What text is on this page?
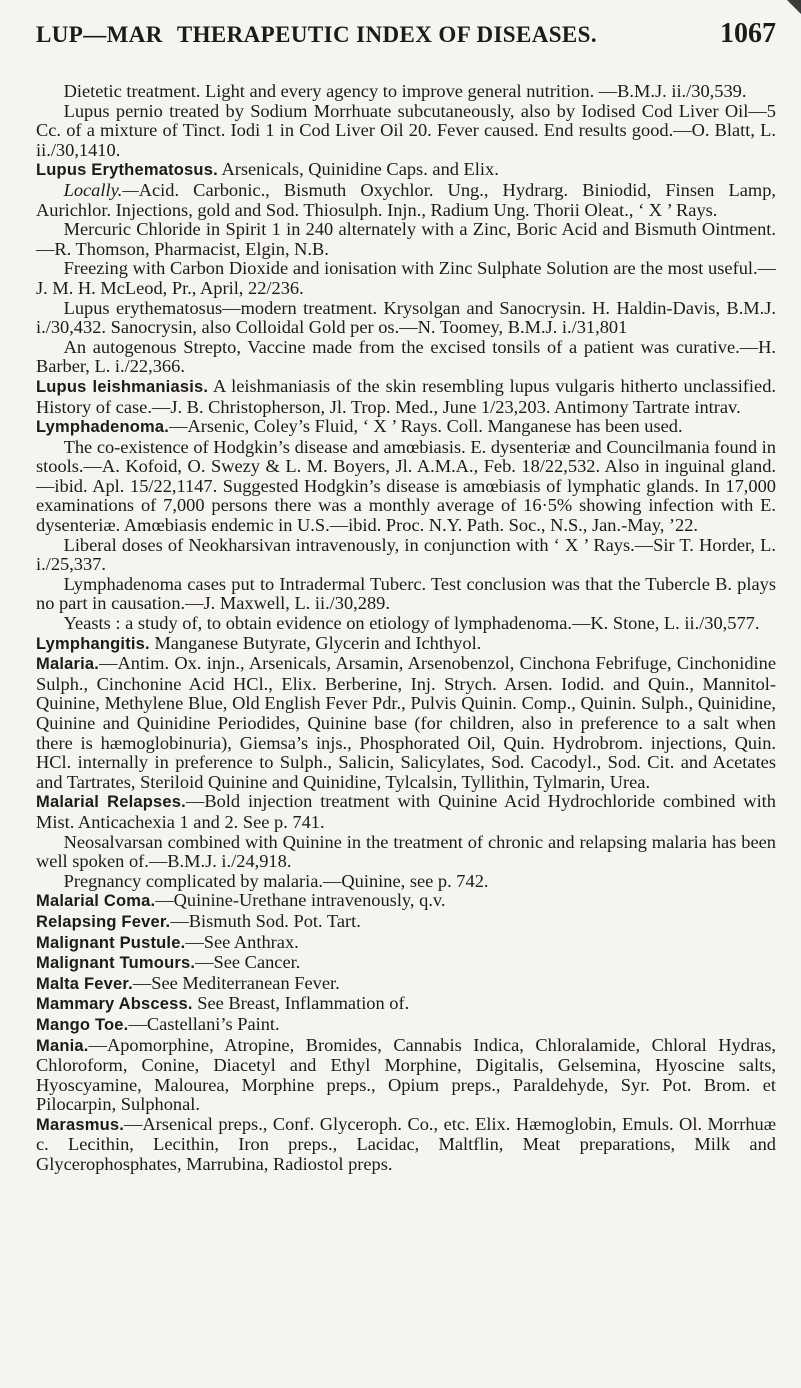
LUP—MAR THERAPEUTIC INDEX OF DISEASES.	1067

Dietetic treatment. Light and every agency to improve general nutrition. —B.M.J. ii./30,539.

Lupus pernio treated by Sodium Morrhuate subcutaneously, also by Iodised Cod Liver Oil—5 Cc. of a mixture of Tinct. Iodi 1 in Cod Liver Oil 20. Fever caused. End results good.—O. Blatt, L. ii./30,1410.

Lupus Erythematosus. Arsenicals, Quinidine Caps. and Elix.

Locally.—Acid. Carbonic., Bismuth Oxychlor. Ung., Hydrarg. Biniodid, Finsen Lamp, Aurichlor. Injections, gold and Sod. Thiosulph. Injn., Radium Ung. Thorii Oleat., ‘ X ’ Rays.

Mercuric Chloride in Spirit 1 in 240 alternately with a Zinc, Boric Acid and Bismuth Ointment.—R. Thomson, Pharmacist, Elgin, N.B.

Freezing with Carbon Dioxide and ionisation with Zinc Sulphate Solution are the most useful.—J. M. H. McLeod, Pr., April, 22/236.

Lupus erythematosus—modern treatment. Krysolgan and Sanocrysin. H. Haldin-Davis, B.M.J. i./30,432. Sanocrysin, also Colloidal Gold per os.—N. Toomey, B.M.J. i./31,801

An autogenous Strepto, Vaccine made from the excised tonsils of a patient was curative.—H. Barber, L. i./22,366.

Lupus leishmaniasis. A leishmaniasis of the skin resembling lupus vulgaris hitherto unclassified. History of case.—J. B. Christopherson, Jl. Trop. Med., June 1/23,203. Antimony Tartrate intrav.

Lymphadenoma.—Arsenic, Coley’s Fluid, ‘ X ’ Rays. Coll. Manganese has been used.

The co-existence of Hodgkin’s disease and amœbiasis. E. dysenteriæ and Councilmania found in stools.—A. Kofoid, O. Swezy & L. M. Boyers, Jl. A.M.A., Feb. 18/22,532. Also in inguinal gland.—ibid. Apl. 15/22,1147. Suggested Hodgkin’s disease is amœbiasis of lymphatic glands. In 17,000 examinations of 7,000 persons there was a monthly average of 16·5% showing infection with E. dysenteriæ. Amœbiasis endemic in U.S.—ibid. Proc. N.Y. Path. Soc., N.S., Jan.-May, ’22.

Liberal doses of Neokharsivan intravenously, in conjunction with ‘ X ’ Rays.—Sir T. Horder, L. i./25,337.

Lymphadenoma cases put to Intradermal Tuberc. Test conclusion was that the Tubercle B. plays no part in causation.—J. Maxwell, L. ii./30,289.

Yeasts : a study of, to obtain evidence on etiology of lymphadenoma.—K. Stone, L. ii./30,577.

Lymphangitis. Manganese Butyrate, Glycerin and Ichthyol.

Malaria.—Antim. Ox. injn., Arsenicals, Arsamin, Arsenobenzol, Cinchona Febrifuge, Cinchonidine Sulph., Cinchonine Acid HCl., Elix. Berberine, Inj. Strych. Arsen. Iodid. and Quin., Mannitol-Quinine, Methylene Blue, Old English Fever Pdr., Pulvis Quinin. Comp., Quinin. Sulph., Quinidine, Quinine and Quinidine Periodides, Quinine base (for children, also in preference to a salt when there is hæmoglobinuria), Giemsa’s injs., Phosphorated Oil, Quin. Hydrobrom. injections, Quin. HCl. internally in preference to Sulph., Salicin, Salicylates, Sod. Cacodyl., Sod. Cit. and Acetates and Tartrates, Steriloid Quinine and Quinidine, Tylcalsin, Tyllithin, Tylmarin, Urea.

Malarial Relapses.—Bold injection treatment with Quinine Acid Hydrochloride combined with Mist. Anticachexia 1 and 2. See p. 741.

Neosalvarsan combined with Quinine in the treatment of chronic and relapsing malaria has been well spoken of.—B.M.J. i./24,918.

Pregnancy complicated by malaria.—Quinine, see p. 742.

Malarial Coma.—Quinine-Urethane intravenously, q.v.

Relapsing Fever.—Bismuth Sod. Pot. Tart.

Malignant Pustule.—See Anthrax.

Malignant Tumours.—See Cancer.

Malta Fever.—See Mediterranean Fever.

Mammary Abscess. See Breast, Inflammation of.

Mango Toe.—Castellani’s Paint.

Mania.—Apomorphine, Atropine, Bromides, Cannabis Indica, Chloralamide, Chloral Hydras, Chloroform, Conine, Diacetyl and Ethyl Morphine, Digitalis, Gelsemina, Hyoscine salts, Hyoscyamine, Malourea, Morphine preps., Opium preps., Paraldehyde, Syr. Pot. Brom. et Pilocarpin, Sulphonal.

Marasmus.—Arsenical preps., Conf. Glyceroph. Co., etc. Elix. Hæmoglobin, Emuls. Ol. Morrhuæ c. Lecithin, Lecithin, Iron preps., Lacidac, Maltflin, Meat preparations, Milk and Glycerophosphates, Marrubina, Radiostol preps.
